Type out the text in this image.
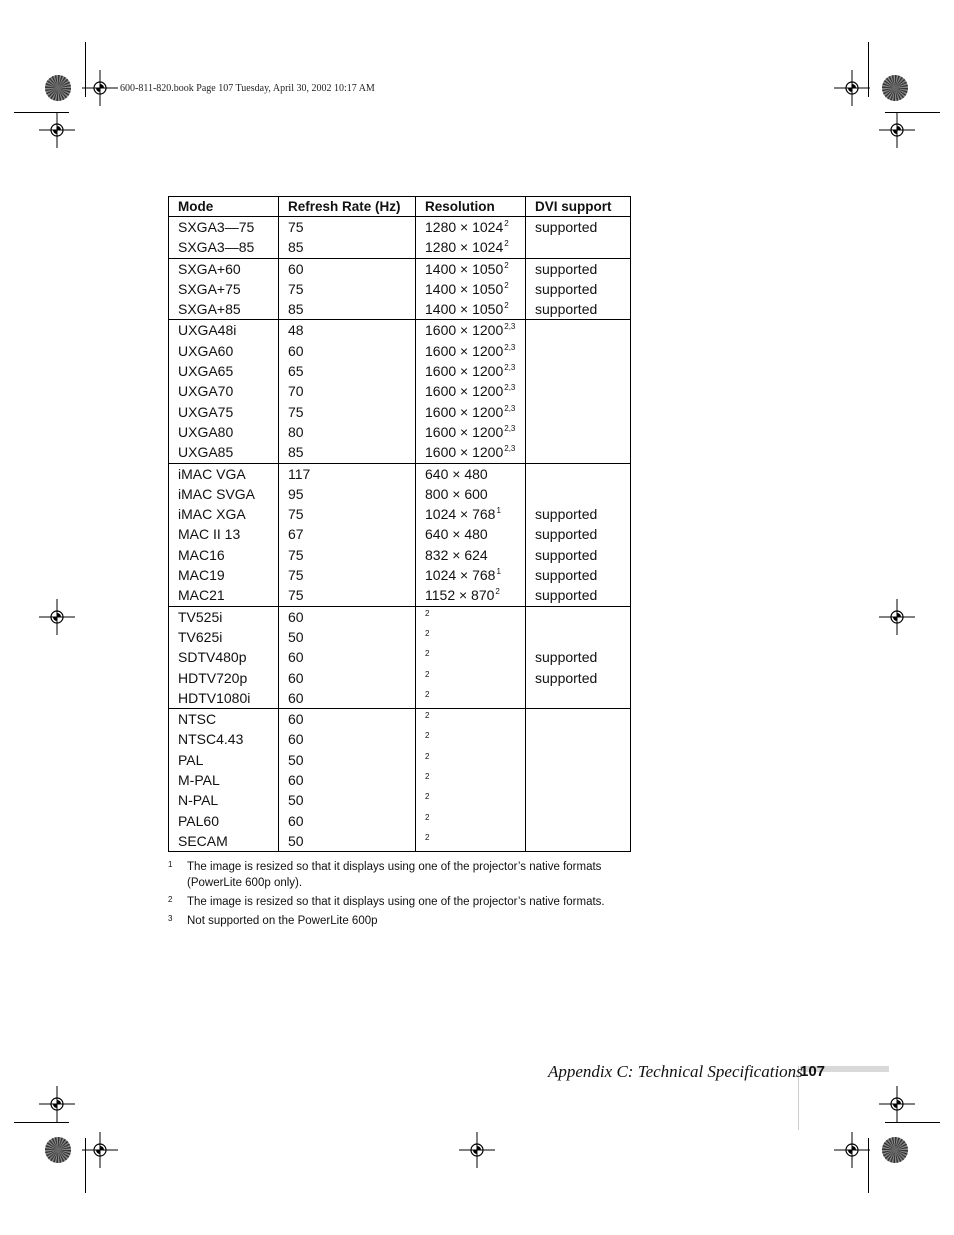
600-811-820.book Page 107 Tuesday, April 30, 2002 10:17 AM
Mode	Refresh Rate (Hz)	Resolution	DVI support
SXGA3—75	75	$1280 \times 1024^2$	supported
SXGA3—85	85	$1280 \times 1024^2$	
SXGA+60	60	$1400 \times 1050^2$	supported
SXGA+75	75	$1400 \times 1050^2$	supported
SXGA+85	85	$1400 \times 1050^2$	supported
UXGA48i	48	$1600 \times 1200^{2,3}$	
UXGA60	60	$1600 \times 1200^{2,3}$	
UXGA65	65	$1600 \times 1200^{2,3}$	
UXGA70	70	$1600 \times 1200^{2,3}$	
UXGA75	75	$1600 \times 1200^{2,3}$	
UXGA80	80	$1600 \times 1200^{2,3}$	
UXGA85	85	$1600 \times 1200^{2,3}$	
iMAC VGA	117	640 × 480	
iMAC SVGA	95	800 × 600	
iMAC XGA	75	$1024 \times 768^1$	supported
MAC II 13	67	640 × 480	supported
MAC16	75	832 × 624	supported
MAC19	75	$1024 \times 768^1$	supported
MAC21	75	$1152 \times 870^2$	supported
TV525i	60	2	
TV625i	50	2	
SDTV480p	60	2	supported
HDTV720p	60	2	supported
HDTV1080i	60	2	
NTSC	60	2	
NTSC4.43	60	2	
PAL	50	2	
M-PAL	60	2	
N-PAL	50	2	
PAL60	60	2	
SECAM	50	2	
1 The image is resized so that it displays using one of the projector’s native formats (PowerLite 600p only).
2 The image is resized so that it displays using one of the projector’s native formats.
3 Not supported on the PowerLite 600p
Appendix C: Technical Specifications
107
